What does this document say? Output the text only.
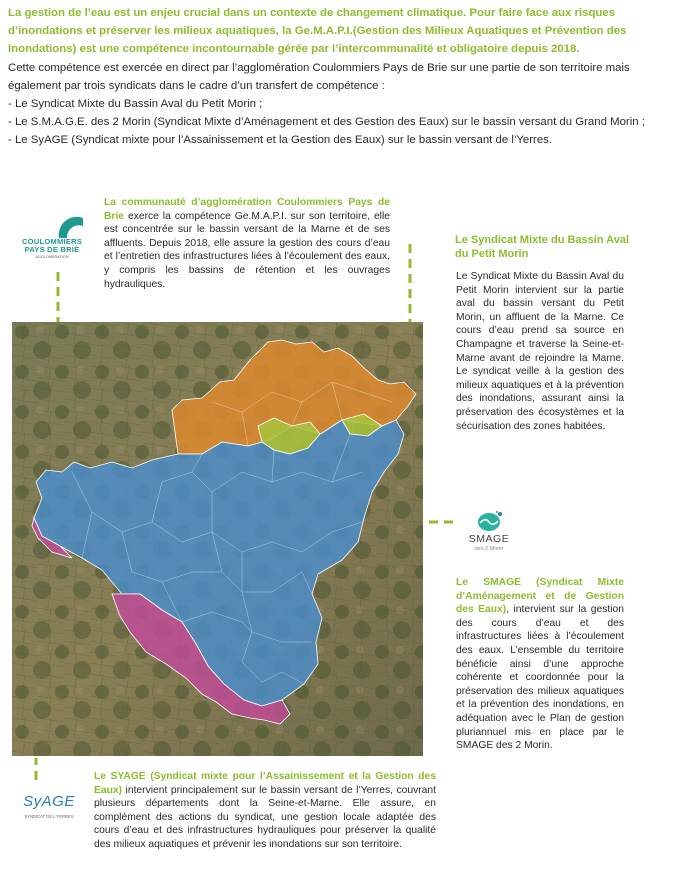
La gestion de l’eau est un enjeu crucial dans un contexte de changement climatique. Pour faire face aux risques d’inondations et préserver les milieux aquatiques, la Ge.M.A.P.I.(Gestion des Milieux Aquatiques et Prévention des Inondations) est une compétence incontournable gérée par l’intercommunalité et obligatoire depuis 2018.

Cette compétence est exercée en direct par l’agglomération Coulommiers Pays de Brie sur une partie de son territoire mais également par trois syndicats dans le cadre d’un transfert de compétence :

- Le Syndicat Mixte du Bassin Aval du Petit Morin ;
- Le S.M.A.G.E. des 2 Morin (Syndicat Mixte d’Aménagement et des Gestion des Eaux) sur le bassin versant du Grand Morin ;
- Le SyAGE (Syndicat mixte pour l’Assainissement et la Gestion des Eaux) sur le bassin versant de l’Yerres.
COULOMMIERS
PAYS DE BRIE
AGGLOMÉRATION
La communauté d’agglomération Coulommiers Pays de Brie exerce la compétence Ge.M.A.P.I. sur son territoire, elle est concentrée sur le bassin versant de la Marne et de ses affluents. Depuis 2018, elle assure la gestion des cours d’eau et l’entretien des infrastructures liées à l’écoulement des eaux, y compris les bassins de rétention et les ouvrages hydrauliques.
Le Syndicat Mixte du Bassin Aval du Petit Morin
Le Syndicat Mixte du Bassin Aval du Petit Morin intervient sur la partie aval du bassin versant du Petit Morin, un affluent de la Marne. Ce cours d’eau prend sa source en Champagne et traverse la Seine-et-Marne avant de rejoindre la Marne. Le syndicat veille à la gestion des milieux aquatiques et à la prévention des inondations, assurant ainsi la préservation des écosystèmes et la sécurisation des zones habitées.
SMAGE
des 2 Morin
Le SMAGE (Syndicat Mixte d’Aménagement et de Gestion des Eaux), intervient sur la gestion des cours d’eau et des infrastructures liées à l’écoulement des eaux. L’ensemble du territoire bénéficie ainsi d’une approche cohérente et coordonnée pour la préservation des milieux aquatiques et la prévention des inondations, en adéquation avec le Plan de gestion pluriannuel mis en place par le SMAGE des 2 Morin.
SyAGE
SYNDICAT DE L'YERRES
Le SYAGE (Syndicat mixte pour l’Assainissement et la Gestion des Eaux) intervient principalement sur le bassin versant de l’Yerres, couvrant plusieurs départements dont la Seine-et-Marne. Elle assure, en complément des actions du syndicat, une gestion locale adaptée des cours d’eau et des infrastructures hydrauliques pour préserver la qualité des milieux aquatiques et prévenir les inondations sur son territoire.
